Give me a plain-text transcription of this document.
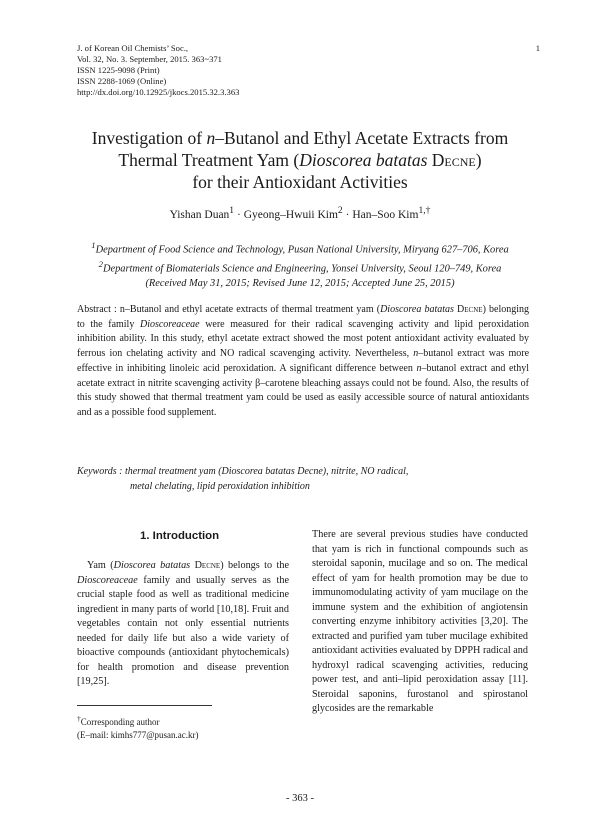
J. of Korean Oil Chemists’ Soc.,
Vol. 32, No. 3. September, 2015. 363~371
ISSN 1225-9098 (Print)
ISSN 2288-1069 (Online)
http://dx.doi.org/10.12925/jkocs.2015.32.3.363
1
Investigation of n–Butanol and Ethyl Acetate Extracts from
Thermal Treatment Yam (Dioscorea batatas Decne)
for their Antioxidant Activities
Yishan Duan$^1$ · Gyeong–Hwuii Kim$^2$ · Han–Soo Kim$^{1,\dagger}$
$^1$Department of Food Science and Technology, Pusan National University, Miryang 627–706, Korea
$^2$Department of Biomaterials Science and Engineering, Yonsei University, Seoul 120–749, Korea
(Received May 31, 2015; Revised June 12, 2015; Accepted June 25, 2015)
Abstract : n–Butanol and ethyl acetate extracts of thermal treatment yam (Dioscorea batatas Decne) belonging to the family Dioscoreaceae were measured for their radical scavenging activity and lipid peroxidation inhibition ability. In this study, ethyl acetate extract showed the most potent antioxidant activity evaluated by ferrous ion chelating activity and NO radical scavenging activity. Nevertheless, n–butanol extract was more effective in inhibiting linoleic acid peroxidation. A significant difference between n–butanol extract and ethyl acetate extract in nitrite scavenging activity β–carotene bleaching assays could not be found. Also, the results of this study showed that thermal treatment yam could be used as easily accessible source of natural antioxidants and as a possible food supplement.
Keywords : thermal treatment yam (Dioscorea batatas Decne), nitrite, NO radical,
metal chelating, lipid peroxidation inhibition
1. Introduction

Yam (Dioscorea batatas Decne) belongs to the Dioscoreaceae family and usually serves as the crucial staple food as well as traditional medicine ingredient in many parts of world [10,18]. Fruit and vegetables contain not only essential nutrients needed for daily life but also a wide variety of bioactive compounds (antioxidant phytochemicals) for health promotion and disease prevention [19,25].

There are several previous studies have conducted that yam is rich in functional compounds such as steroidal saponin, mucilage and so on. The medical effect of yam for health promotion may be due to immunomodulating activity of yam mucilage on the immune system and the exhibition of angiotensin converting enzyme inhibitory activities [3,20]. The extracted and purified yam tuber mucilage exhibited antioxidant activities evaluated by DPPH radical and hydroxyl radical scavenging activities, reducing power test, and anti–lipid peroxidation assay [11]. Steroidal saponins, furostanol and spirostanol glycosides are the remarkable

†Corresponding author
(E–mail: kimhs777@pusan.ac.kr)
- 363 -
